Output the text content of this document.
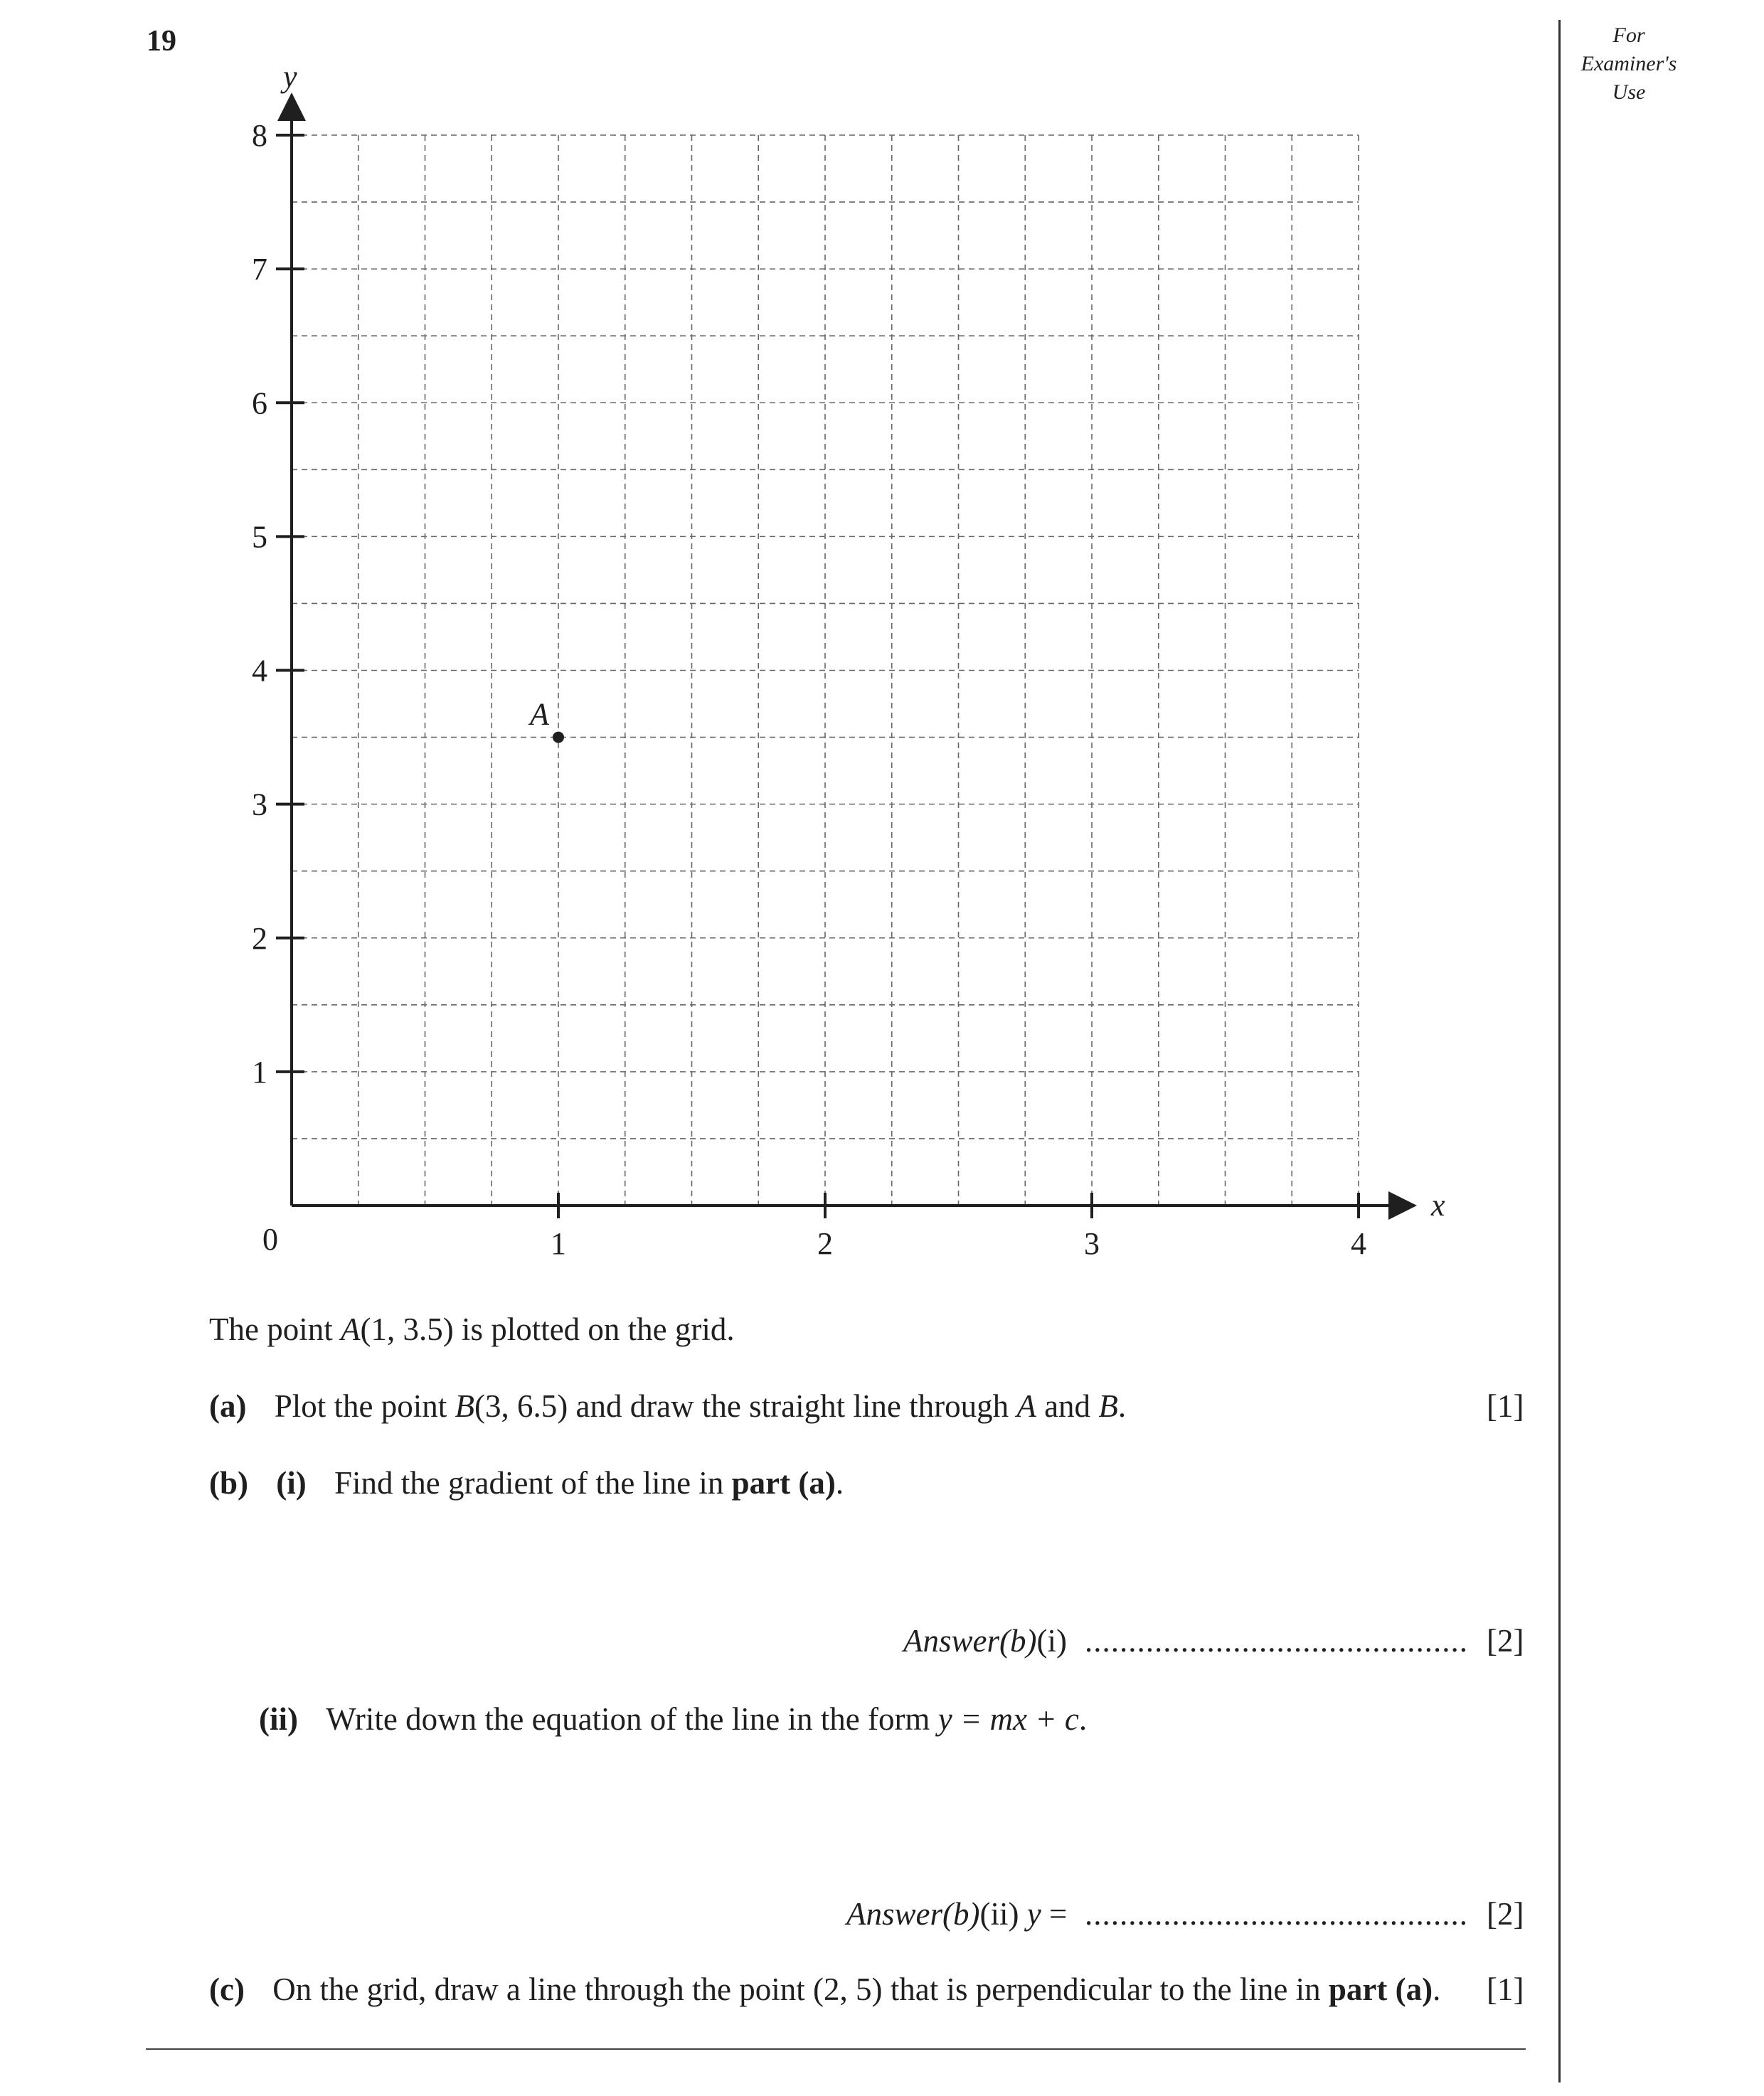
19	For
Examiner's
Use
x
y
0	1	2	3	4
1
2
3
4
5
6
7
8
A
The point A(1, 3.5) is plotted on the grid.
(a) Plot the point B(3, 6.5) and draw the straight line through A and B.	[1]
(b) (i) Find the gradient of the line in part (a).
Answer(b)(i) ............................................ [2]
(ii) Write down the equation of the line in the form y = mx + c.
Answer(b)(ii) y = ............................................ [2]
(c) On the grid, draw a line through the point (2, 5) that is perpendicular to the line in part (a). [1]
